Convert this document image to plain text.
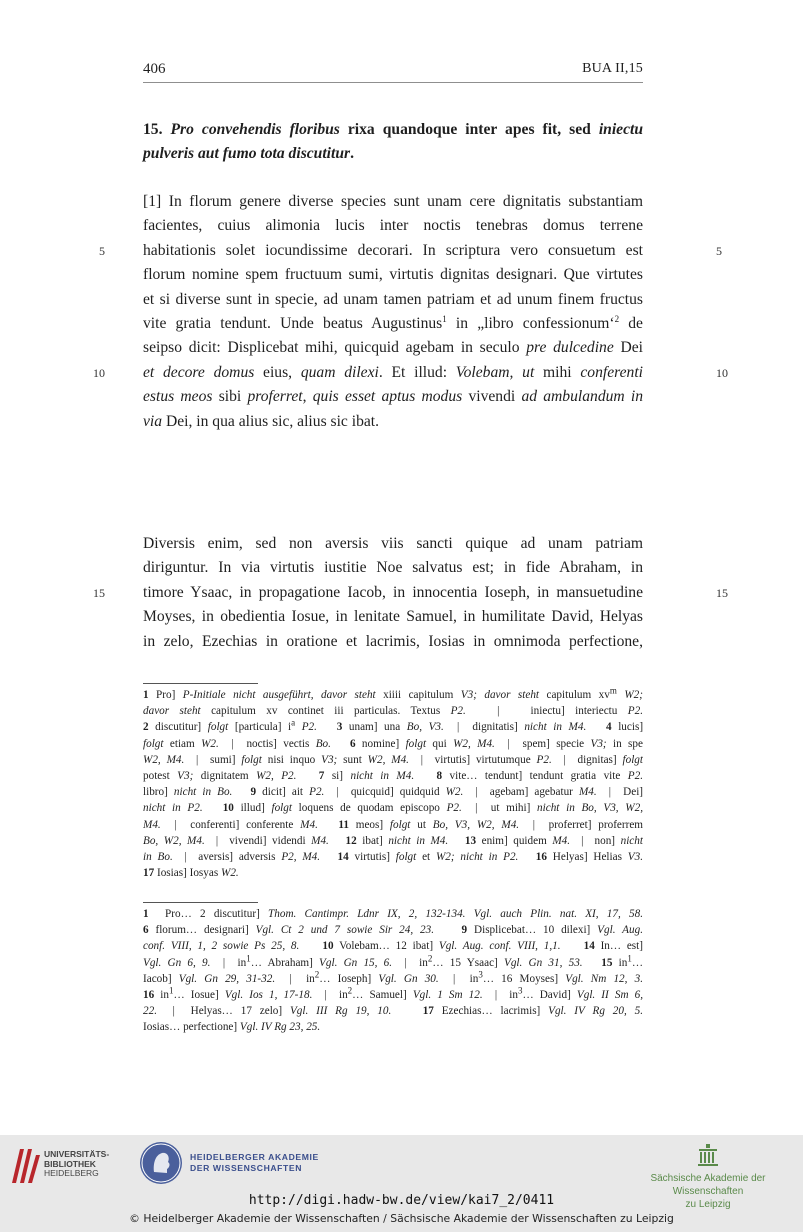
406	BUA II,15
15. Pro convehendis floribus rixa quandoque inter apes fit, sed iniectu
pulveris aut fumo tota discutitur.
5	5
10	10
15	15
[1] In florum genere diverse species sunt unam cere dignitatis substantiam
facientes, cuius alimonia lucis inter noctis tenebras domus terrene
habitationis solet iocundissime decorari. In scriptura vero consuetum est
florum nomine spem fructuum sumi, virtutis dignitas designari. Que virtutes
et si diverse sunt in specie, ad unam tamen patriam et ad unum finem fructus
vite gratia tendunt. Unde beatus Augustinus$^1$ in „libro confessionum‘$^2$ de
seipso dicit: Displicebat mihi, quicquid agebam in seculo pre dulcedine Dei
et decore domus eius, quam dilexi. Et illud: Volebam, ut mihi conferenti
estus meos sibi proferret, quis esset aptus modus vivendi ad ambulandum in
via Dei, in qua alius sic, alius sic ibat.
Diversis enim, sed non aversis viis sancti quique ad unam patriam
diriguntur. In via virtutis iustitie Noe salvatus est; in fide Abraham, in
timore Ysaac, in propagatione Iacob, in innocentia Ioseph, in mansuetudine
Moyses, in obedientia Iosue, in lenitate Samuel, in humilitate David, Helyas
in zelo, Ezechias in oratione et lacrimis, Iosias in omnimoda perfectione,
1 Pro] P-Initiale nicht ausgeführt, davor steht xiiii capitulum V3; davor steht capitulum $xv^m$ W2;
davor steht capitulum xv continet iii particulas. Textus P2.   |   iniectu] interiectu P2.
2 discutitur] folgt [particula] $i^a$ P2. 3 unam] una Bo, V3.  |  dignitatis] nicht in M4. 4 lucis]
folgt etiam W2.  |  noctis] vectis Bo. 6 nomine] folgt qui W2, M4.  |  spem] specie V3; in spe
W2, M4.  |  sumi] folgt nisi inquo V3; sunt W2, M4.  |  virtutis] virtutumque P2.  |  dignitas] folgt
potest V3; dignitatem W2, P2. 7 si] nicht in M4. 8 vite… tendunt] tendunt gratia vite P2.
libro] nicht in Bo. 9 dicit] ait P2.  |  quicquid] quidquid W2.  |  agebam] agebatur M4.  |  Dei]
nicht in P2. 10 illud] folgt loquens de quodam episcopo P2.  |  ut mihi] nicht in Bo, V3, W2,
M4.  |  conferenti] conferente M4. 11 meos] folgt ut Bo, V3, W2, M4.  |  proferret] proferrem
Bo, W2, M4.  |  vivendi] videndi M4. 12 ibat] nicht in M4. 13 enim] quidem M4.  |  non] nicht
in Bo.  |  aversis] adversis P2, M4. 14 virtutis] folgt et W2; nicht in P2. 16 Helyas] Helias V3.
17 Iosias] Iosyas W2.
1  Pro… 2 discutitur] Thom. Cantimpr. Ldnr IX, 2, 132-134. Vgl. auch Plin. nat. XI, 17, 58.
6 florum… designari] Vgl. Ct 2 und 7 sowie Sir 24, 23. 9 Displicebat… 10 dilexi] Vgl. Aug.
conf. VIII, 1, 2 sowie Ps 25, 8. 10 Volebam… 12 ibat] Vgl. Aug. conf. VIII, 1,1. 14 In… est]
Vgl. Gn 6, 9.  |  $in^1\dots$ Abraham] Vgl. Gn 15, 6.  |  $in^2\dots$ 15 Ysaac] Vgl. Gn 31, 53. 15 $in^1\dots$
Iacob] Vgl. Gn 29, 31-32.  |  $in^2\dots$ Ioseph] Vgl. Gn 30.  |  $in^3\dots$ 16 Moyses] Vgl. Nm 12, 3.
16 $in^1\dots$ Iosue] Vgl. Ios 1, 17-18.  |  $in^2\dots$ Samuel] Vgl. 1 Sm 12.  |  $in^3\dots$ David] Vgl. II Sm 6,
22.  |  Helyas… 17 zelo] Vgl. III Rg 19, 10.	17 Ezechias… lacrimis] Vgl. IV Rg 20, 5.
Iosias… perfectione] Vgl. IV Rg 23, 25.
UNIVERSITÄTS-
BIBLIOTHEK
HEIDELBERG
HEIDELBERGER AKADEMIE
DER WISSENSCHAFTEN
Sächsische Akademie der Wissenschaften
zu Leipzig
http://digi.hadw-bw.de/view/kai7_2/0411
© Heidelberger Akademie der Wissenschaften / Sächsische Akademie der Wissenschaften zu Leipzig
